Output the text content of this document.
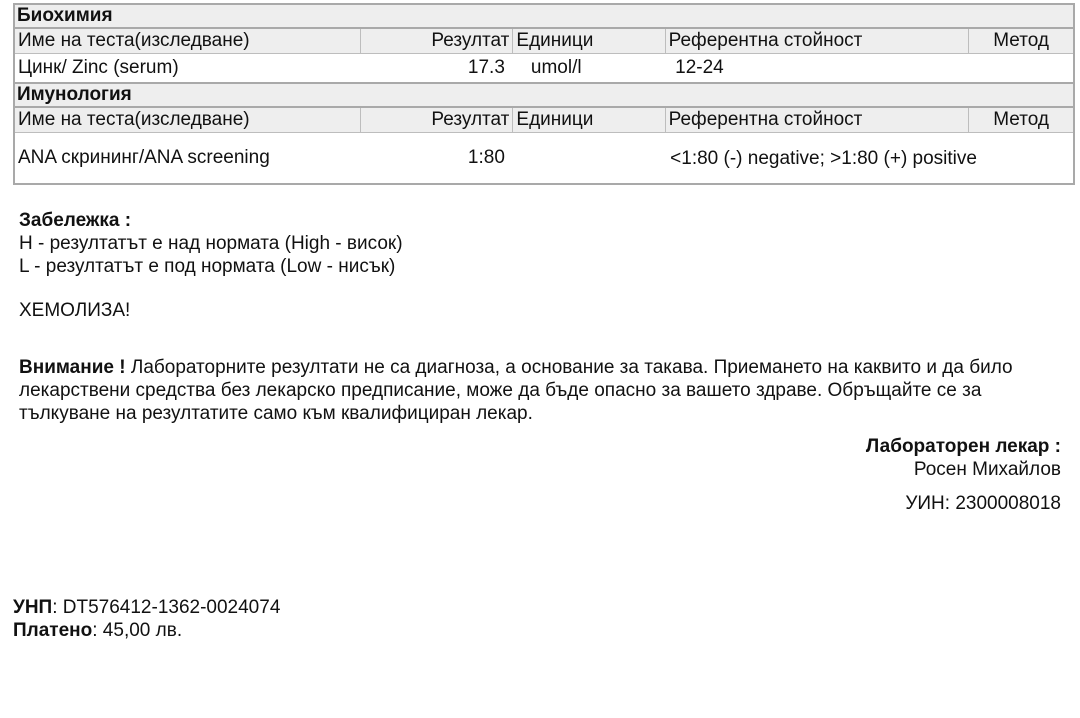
Биохимия				
Име на теста(изследване)	Резултат	Единици	Референтна стойност	Метод
Цинк/ Zinc (serum)	17.3	umol/l	12-24	
Имунология				
Име на теста(изследване)	Резултат	Единици	Референтна стойност	Метод
ANA скрининг/ANA screening	1:80		<1:80 (-) negative; >1:80 (+) positive	
Забележка :
H - резултатът е над нормата (High - висок)
L - резултатът е под нормата (Low - нисък)
ХЕМОЛИЗА!
Внимание ! Лабораторните резултати не са диагноза, а основание за такава. Приемането на каквито и да било лекарствени средства без лекарско предписание, може да бъде опасно за вашето здраве. Обръщайте се за тълкуване на резултатите само към квалифициран лекар.
Лабораторен лекар :
Росен Михайлов
УИН: 2300008018
УНП: DT576412-1362-0024074
Платено: 45,00 лв.
